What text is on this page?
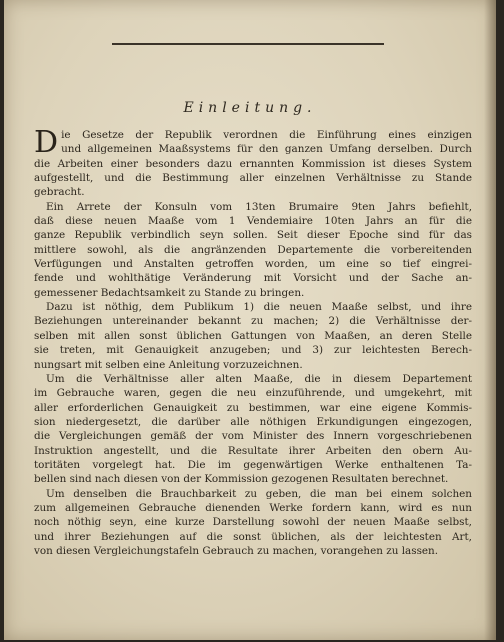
Einleitung.
D ie Gesetze der Republik verordnen die Einführung eines einzigen
und allgemeinen Maaßsystems für den ganzen Umfang derselben. Durch
die Arbeiten einer besonders dazu ernannten Kommission ist dieses System
aufgestellt, und die Bestimmung aller einzelnen Verhältnisse zu Stande
gebracht.
Ein Arrete der Konsuln vom 13ten Brumaire 9ten Jahrs befiehlt,
daß diese neuen Maaße vom 1 Vendemiaire 10ten Jahrs an für die
ganze Republik verbindlich seyn sollen. Seit dieser Epoche sind für das
mittlere sowohl, als die angränzenden Departemente die vorbereitenden
Verfügungen und Anstalten getroffen worden, um eine so tief eingrei-
fende und wohlthätige Veränderung mit Vorsicht und der Sache an-
gemessener Bedachtsamkeit zu Stande zu bringen.
Dazu ist nöthig, dem Publikum 1) die neuen Maaße selbst, und ihre
Beziehungen untereinander bekannt zu machen; 2) die Verhältnisse der-
selben mit allen sonst üblichen Gattungen von Maaßen, an deren Stelle
sie treten, mit Genauigkeit anzugeben; und 3) zur leichtesten Berech-
nungsart mit selben eine Anleitung vorzuzeichnen.
Um die Verhältnisse aller alten Maaße, die in diesem Departement
im Gebrauche waren, gegen die neu einzuführende, und umgekehrt, mit
aller erforderlichen Genauigkeit zu bestimmen, war eine eigene Kommis-
sion niedergesetzt, die darüber alle nöthigen Erkundigungen eingezogen,
die Vergleichungen gemäß der vom Minister des Innern vorgeschriebenen
Instruktion angestellt, und die Resultate ihrer Arbeiten den obern Au-
toritäten vorgelegt hat. Die im gegenwärtigen Werke enthaltenen Ta-
bellen sind nach diesen von der Kommission gezogenen Resultaten berechnet.
Um denselben die Brauchbarkeit zu geben, die man bei einem solchen
zum allgemeinen Gebrauche dienenden Werke fordern kann, wird es nun
noch nöthig seyn, eine kurze Darstellung sowohl der neuen Maaße selbst,
und ihrer Beziehungen auf die sonst üblichen, als der leichtesten Art,
von diesen Vergleichungstafeln Gebrauch zu machen, vorangehen zu lassen.
